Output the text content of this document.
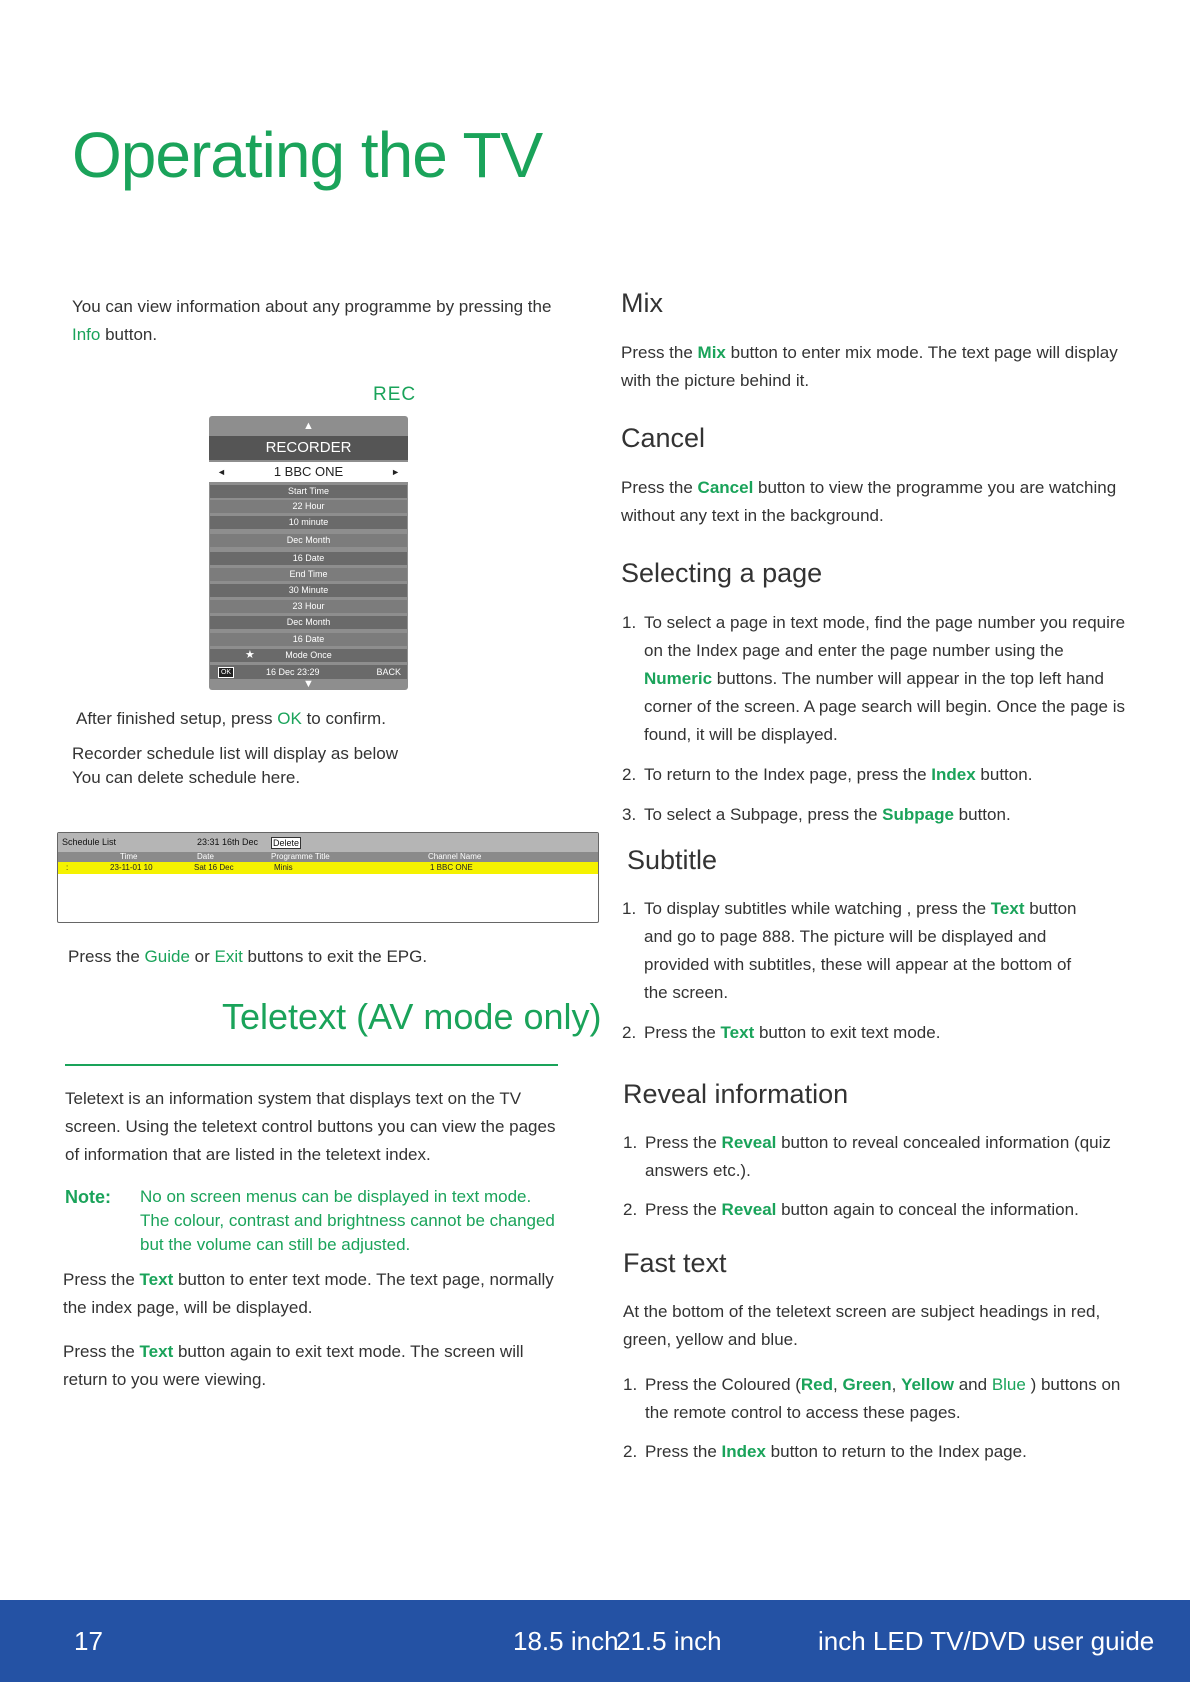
Operating the TV

You can view information about any programme by pressing the Info button.

REC
▲
RECORDER
◄	1 BBC ONE	►
Start Time
22 Hour
10 minute
Dec Month
16 Date
End Time
30 Minute
23 Hour
Dec Month
16 Date
★	Mode Once
OK	16 Dec 23:29	BACK
▼

After finished setup, press OK to confirm.

Recorder schedule list will display as below

You can delete schedule here.

Schedule List	23:31 16th Dec Delete
Time	Date	Programme Title	Channel Name
:	23-11-01 10	Sat 16 Dec	Minis	1 BBC ONE

Press the Guide or Exit buttons to exit the EPG.

Teletext (AV mode only)

Teletext is an information system that displays text on the TV screen. Using the teletext control buttons you can view the pages of information that are listed in the teletext index.

Note: No on screen menus can be displayed in text mode. The colour, contrast and brightness cannot be changed but the volume can still be adjusted.

Press the Text button to enter text mode. The text page, normally the index page, will be displayed.

Press the Text button again to exit text mode. The screen will return to you were viewing.

Mix

Press the Mix button to enter mix mode. The text page will display with the picture behind it.

Cancel

Press the Cancel button to view the programme you are watching without any text in the background.

Selecting a page
1. To select a page in text mode, find the page number you require on the Index page and enter the page number using the Numeric buttons. The number will appear in the top left hand corner of the screen. A page search will begin. Once the page is found, it will be displayed.
2. To return to the Index page, press the Index button.
3. To select a Subpage, press the Subpage button.
Subtitle
1. To display subtitles while watching , press the Text button and go to page 888. The picture will be displayed and provided with subtitles, these will appear at the bottom of the screen.
2. Press the Text button to exit text mode.
Reveal information
1. Press the Reveal button to reveal concealed information (quiz answers etc.).
2. Press the Reveal button again to conceal the information.
Fast text

At the bottom of the teletext screen are subject headings in red, green, yellow and blue.

1. Press the Coloured (Red, Green, Yellow and Blue ) buttons on the remote control to access these pages.
2. Press the Index button to return to the Index page.
17	18.5 inch
21.5 inch	inch LED TV/DVD user guide
